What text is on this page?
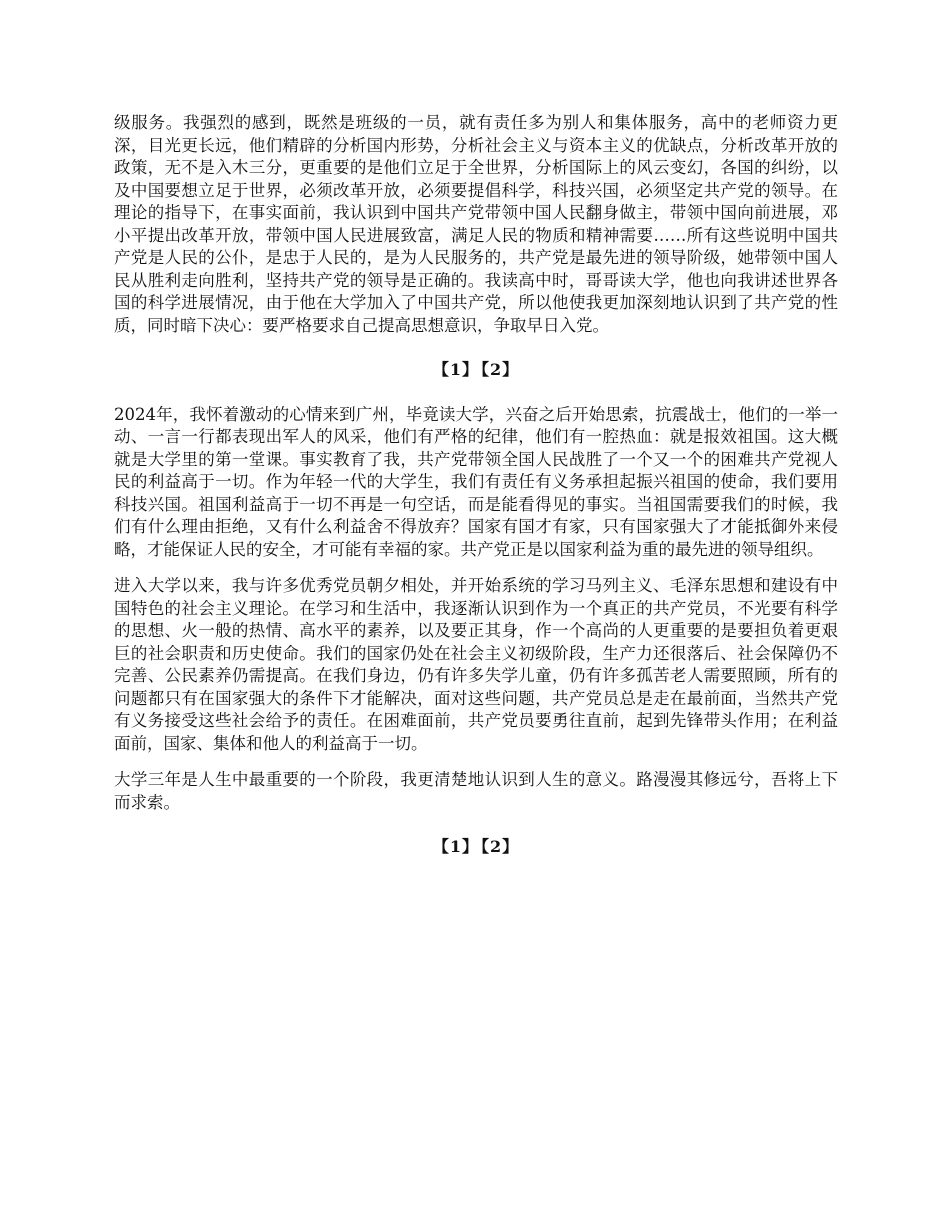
级服务。我强烈的感到，既然是班级的一员，就有责任多为别人和集体服务，高中的老师资力更深，目光更长远，他们精辟的分析国内形势，分析社会主义与资本主义的优缺点，分析改革开放的政策，无不是入木三分，更重要的是他们立足于全世界，分析国际上的风云变幻，各国的纠纷，以及中国要想立足于世界，必须改革开放，必须要提倡科学，科技兴国，必须坚定共产党的领导。在理论的指导下，在事实面前，我认识到中国共产党带领中国人民翻身做主，带领中国向前进展，邓小平提出改革开放，带领中国人民进展致富，满足人民的物质和精神需要……所有这些说明中国共产党是人民的公仆，是忠于人民的，是为人民服务的，共产党是最先进的领导阶级，她带领中国人民从胜利走向胜利，坚持共产党的领导是正确的。我读高中时，哥哥读大学，他也向我讲述世界各国的科学进展情况，由于他在大学加入了中国共产党，所以他使我更加深刻地认识到了共产党的性质，同时暗下决心：要严格要求自己提高思想意识，争取早日入党。

【1】 【2】

2024年，我怀着激动的心情来到广州，毕竟读大学，兴奋之后开始思索，抗震战士，他们的一举一动、一言一行都表现出军人的风采，他们有严格的纪律，他们有一腔热血：就是报效祖国。这大概就是大学里的第一堂课。事实教育了我，共产党带领全国人民战胜了一个又一个的困难共产党视人民的利益高于一切。作为年轻一代的大学生，我们有责任有义务承担起振兴祖国的使命，我们要用科技兴国。祖国利益高于一切不再是一句空话，而是能看得见的事实。当祖国需要我们的时候，我们有什么理由拒绝，又有什么利益舍不得放弃？国家有国才有家，只有国家强大了才能抵御外来侵略，才能保证人民的安全，才可能有幸福的家。共产党正是以国家利益为重的最先进的领导组织。

进入大学以来，我与许多优秀党员朝夕相处，并开始系统的学习马列主义、毛泽东思想和建设有中国特色的社会主义理论。在学习和生活中，我逐渐认识到作为一个真正的共产党员，不光要有科学的思想、火一般的热情、高水平的素养，以及要正其身，作一个高尚的人更重要的是要担负着更艰巨的社会职责和历史使命。我们的国家仍处在社会主义初级阶段，生产力还很落后、社会保障仍不完善、公民素养仍需提高。在我们身边，仍有许多失学儿童，仍有许多孤苦老人需要照顾，所有的问题都只有在国家强大的条件下才能解决，面对这些问题，共产党员总是走在最前面，当然共产党有义务接受这些社会给予的责任。在困难面前，共产党员要勇往直前，起到先锋带头作用；在利益面前，国家、集体和他人的利益高于一切。

大学三年是人生中最重要的一个阶段，我更清楚地认识到人生的意义。路漫漫其修远兮，吾将上下而求索。

【1】 【2】
